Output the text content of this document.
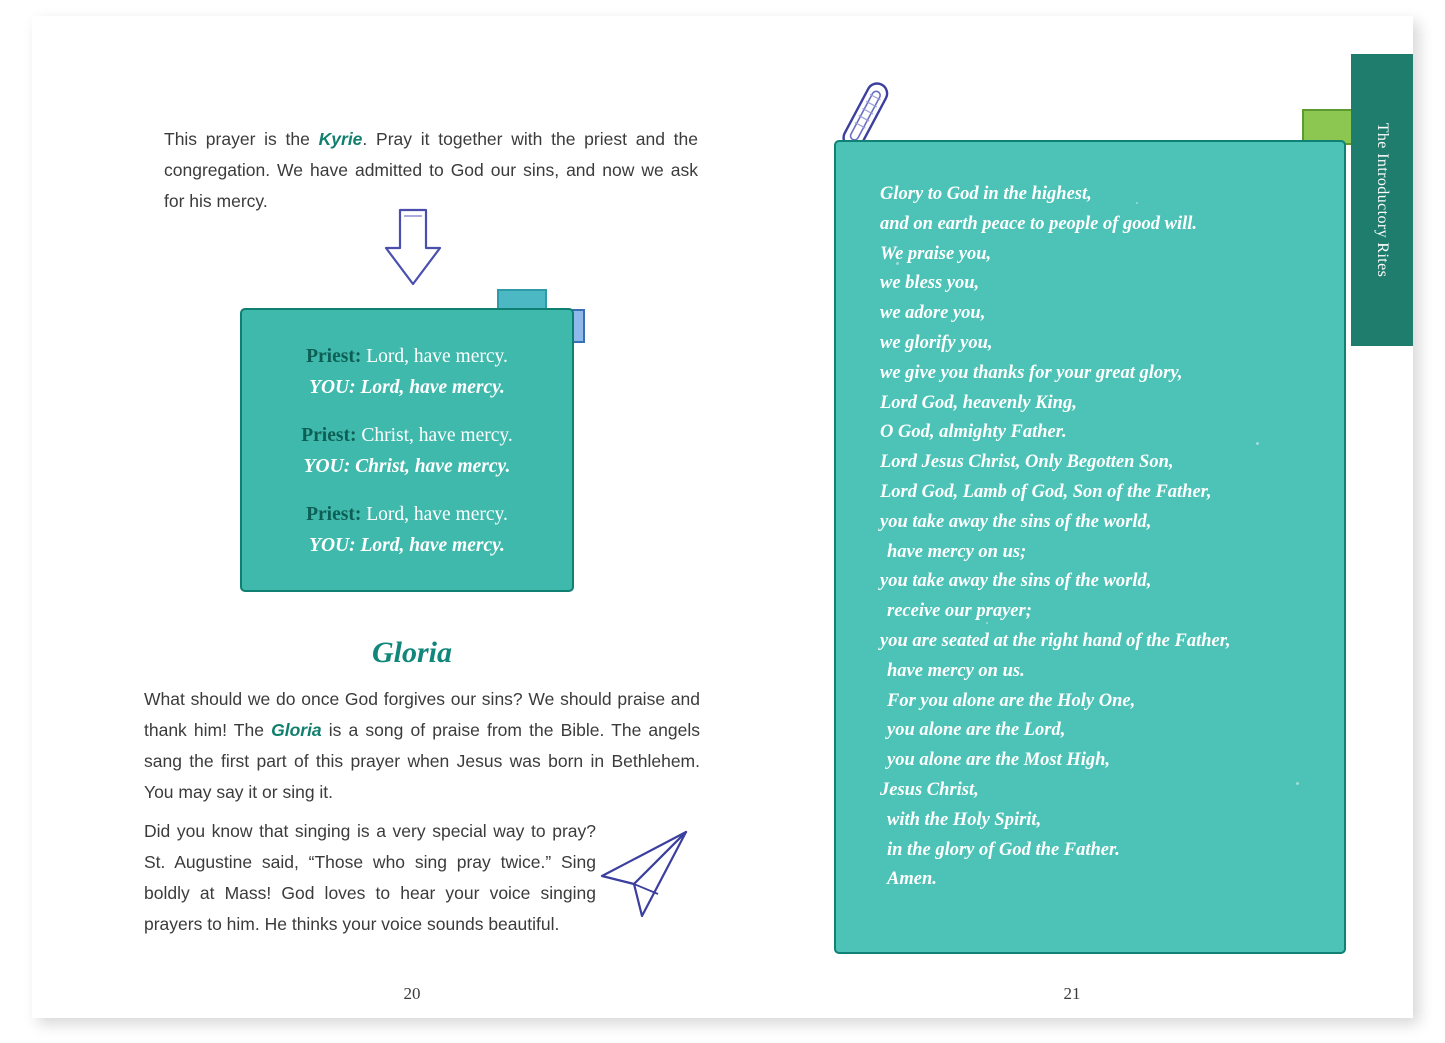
This prayer is the Kyrie. Pray it together with the priest and the congregation. We have admitted to God our sins, and now we ask for his mercy.

Priest: Lord, have mercy.

YOU: Lord, have mercy.

Priest: Christ, have mercy.

YOU: Christ, have mercy.

Priest: Lord, have mercy.

YOU: Lord, have mercy.

Gloria
What should we do once God forgives our sins? We should praise and thank him! The Gloria is a song of praise from the Bible. The angels sang the first part of this prayer when Jesus was born in Bethlehem. You may say it or sing it.
Did you know that singing is a very special way to pray? St. Augustine said, “Those who sing pray twice.” Sing boldly at Mass! God loves to hear your voice singing prayers to him. He thinks your voice sounds beautiful.
20
Glory to God in the highest,
and on earth peace to people of good will.
We praise you,
we bless you,
we adore you,
we glorify you,
we give you thanks for your great glory,
Lord God, heavenly King,
O God, almighty Father.
Lord Jesus Christ, Only Begotten Son,
Lord God, Lamb of God, Son of the Father,
you take away the sins of the world,
have mercy on us;
you take away the sins of the world,
receive our prayer;
you are seated at the right hand of the Father,
have mercy on us.
For you alone are the Holy One,
you alone are the Lord,
you alone are the Most High,
Jesus Christ,
with the Holy Spirit,
in the glory of God the Father.
Amen.
21
The Introductory Rites
